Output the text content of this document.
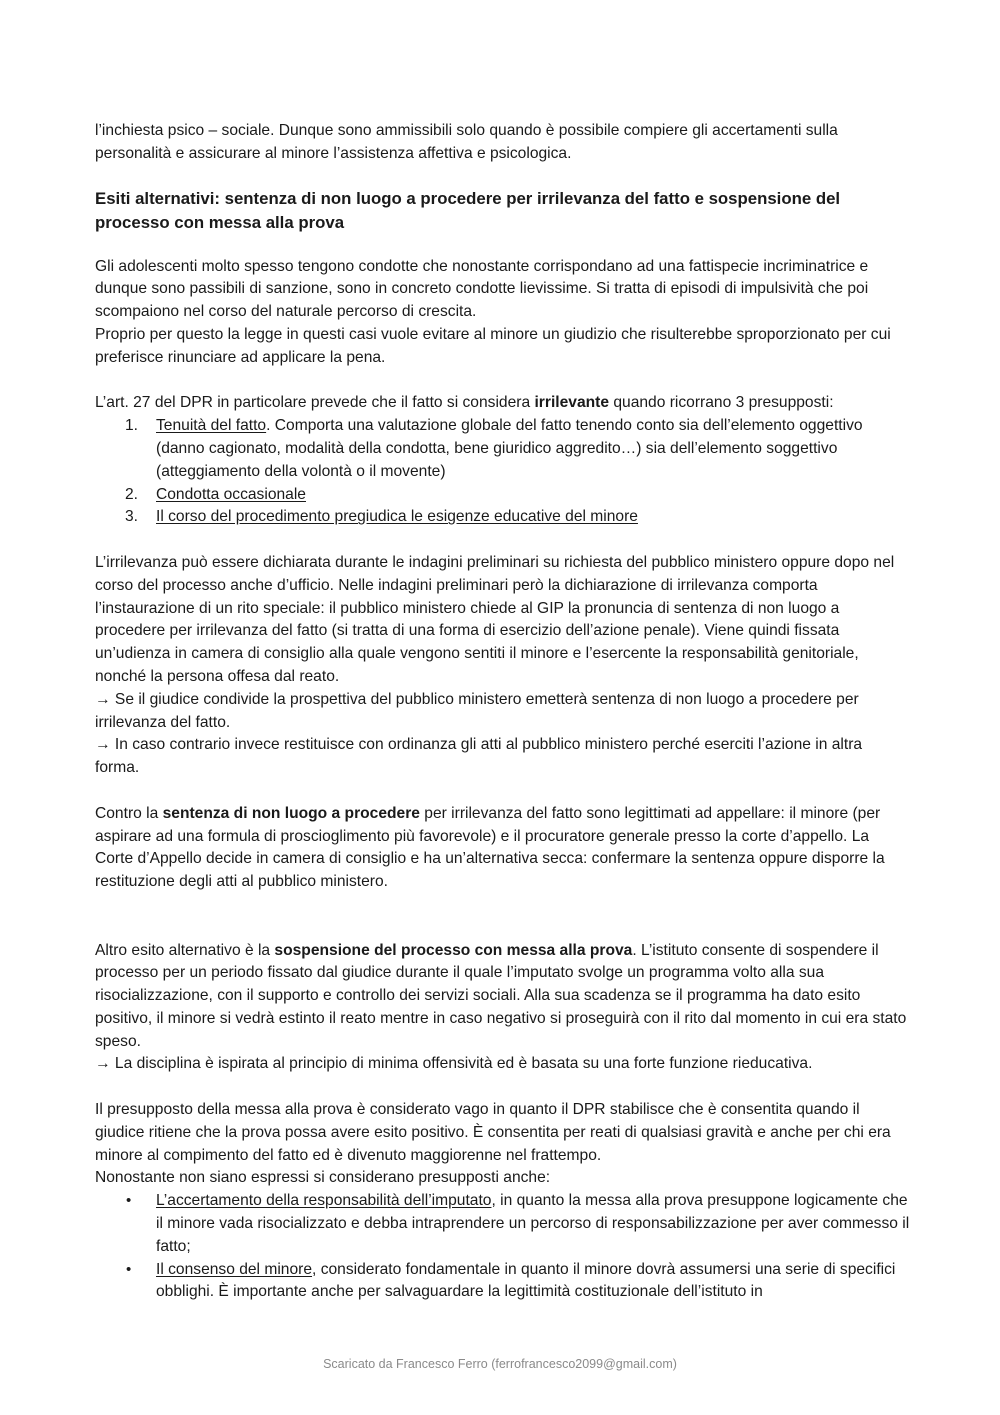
l’inchiesta psico – sociale. Dunque sono ammissibili solo quando è possibile compiere gli accertamenti sulla personalità e assicurare al minore l’assistenza affettiva e psicologica.

Esiti alternativi: sentenza di non luogo a procedere per irrilevanza del fatto e sospensione del processo con messa alla prova

Gli adolescenti molto spesso tengono condotte che nonostante corrispondano ad una fattispecie incriminatrice e dunque sono passibili di sanzione, sono in concreto condotte lievissime. Si tratta di episodi di impulsività che poi scompaiono nel corso del naturale percorso di crescita.
Proprio per questo la legge in questi casi vuole evitare al minore un giudizio che risulterebbe sproporzionato per cui preferisce rinunciare ad applicare la pena.

L’art. 27 del DPR in particolare prevede che il fatto si considera irrilevante quando ricorrano 3 presupposti:

1. Tenuità del fatto. Comporta una valutazione globale del fatto tenendo conto sia dell’elemento oggettivo (danno cagionato, modalità della condotta, bene giuridico aggredito…) sia dell’elemento soggettivo (atteggiamento della volontà o il movente)
2. Condotta occasionale
3. Il corso del procedimento pregiudica le esigenze educative del minore

L’irrilevanza può essere dichiarata durante le indagini preliminari su richiesta del pubblico ministero oppure dopo nel corso del processo anche d’ufficio. Nelle indagini preliminari però la dichiarazione di irrilevanza comporta l’instaurazione di un rito speciale: il pubblico ministero chiede al GIP la pronuncia di sentenza di non luogo a procedere per irrilevanza del fatto (si tratta di una forma di esercizio dell’azione penale). Viene quindi fissata un’udienza in camera di consiglio alla quale vengono sentiti il minore e l’esercente la responsabilità genitoriale, nonché la persona offesa dal reato.
→ Se il giudice condivide la prospettiva del pubblico ministero emetterà sentenza di non luogo a procedere per irrilevanza del fatto.
→ In caso contrario invece restituisce con ordinanza gli atti al pubblico ministero perché eserciti l’azione in altra forma.

Contro la sentenza di non luogo a procedere per irrilevanza del fatto sono legittimati ad appellare: il minore (per aspirare ad una formula di proscioglimento più favorevole) e il procuratore generale presso la corte d’appello. La Corte d’Appello decide in camera di consiglio e ha un’alternativa secca: confermare la sentenza oppure disporre la restituzione degli atti al pubblico ministero.

Altro esito alternativo è la sospensione del processo con messa alla prova. L’istituto consente di sospendere il processo per un periodo fissato dal giudice durante il quale l’imputato svolge un programma volto alla sua risocializzazione, con il supporto e controllo dei servizi sociali. Alla sua scadenza se il programma ha dato esito positivo, il minore si vedrà estinto il reato mentre in caso negativo si proseguirà con il rito dal momento in cui era stato speso.
→ La disciplina è ispirata al principio di minima offensività ed è basata su una forte funzione rieducativa.

Il presupposto della messa alla prova è considerato vago in quanto il DPR stabilisce che è consentita quando il giudice ritiene che la prova possa avere esito positivo. È consentita per reati di qualsiasi gravità e anche per chi era minore al compimento del fatto ed è divenuto maggiorenne nel frattempo.
Nonostante non siano espressi si considerano presupposti anche:

• L’accertamento della responsabilità dell’imputato, in quanto la messa alla prova presuppone logicamente che il minore vada risocializzato e debba intraprendere un percorso di responsabilizzazione per aver commesso il fatto;
• Il consenso del minore, considerato fondamentale in quanto il minore dovrà assumersi una serie di specifici obblighi. È importante anche per salvaguardare la legittimità costituzionale dell’istituto in
Scaricato da Francesco Ferro (ferrofrancesco2099@gmail.com)
